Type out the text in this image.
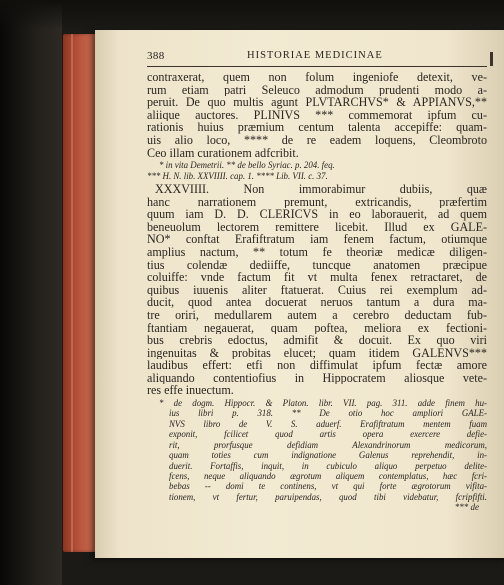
388	HISTORIAE MEDICINAE
contraxerat, quem non folum ingeniofe detexit, ve-
rum etiam patri Seleuco admodum prudenti modo a-
peruit. De quo multis agunt PLVTARCHVS* & APPIANVS,**
aliique auctores. PLINIVS *** commemorat ipfum cu-
rationis huius præmium centum talenta accepiffe: quam-
uis alio loco, **** de re eadem loquens, Cleombroto
Ceo illam curationem adfcribit.
* in vita Demetrii. ** de bello Syriac. p. 204. feq.
*** H. N. lib. XXVIIII. cap. 1. **** Lib. VII. c. 37.
XXXVIIII. Non immorabimur dubiis, quæ
hanc narrationem premunt, extricandis, præfertim
quum iam D. D. CLERICVS in eo laborauerit, ad quem
beneuolum lectorem remittere licebit. Illud ex GALE-
NO* conftat Erafiftratum iam fenem factum, otiumque
amplius nactum, ** totum fe theoriæ medicæ diligen-
tius colendæ dediiffe, tuncque anatomen præcipue
coluiffe: vnde factum fit vt multa fenex retractaret, de
quibus iuuenis aliter ftatuerat. Cuius rei exemplum ad-
ducit, quod antea docuerat neruos tantum a dura ma-
tre oriri, medullarem autem a cerebro deductam fub-
ftantiam negauerat, quam poftea, meliora ex fectioni-
bus crebris edoctus, admifit & docuit. Ex quo viri
ingenuitas & probitas elucet; quam itidem GALENVS***
laudibus effert: etfi non diffimulat ipfum fectæ amore
aliquando contentiofius in Hippocratem aliosque vete-
res effe inuectum.
* de dogm. Hippocr. & Platon. libr. VII. pag. 311. adde finem hu-
ius libri p. 318. ** De otio hoc ampliori GALE-
NVS libro de V. S. aduerf. Erafiftratum mentem fuam
exponit, fcilicet quod artis opera exercere defie-
rit, prorfusque defidiam Alexandrinorum medicorum,
quam toties cum indignatione Galenus reprehendit, in-
duerit. Fortaffis, inquit, in cubiculo aliquo perpetuo delite-
fcens, neque aliquando ægrotum aliquem contemplatus, hæc fcri-
bebas -- domi te continens, vt qui forte ægrotorum vifita-
tionem, vt fertur, paruipendas, quod tibi videbatur, fcripfifti.
*** de
